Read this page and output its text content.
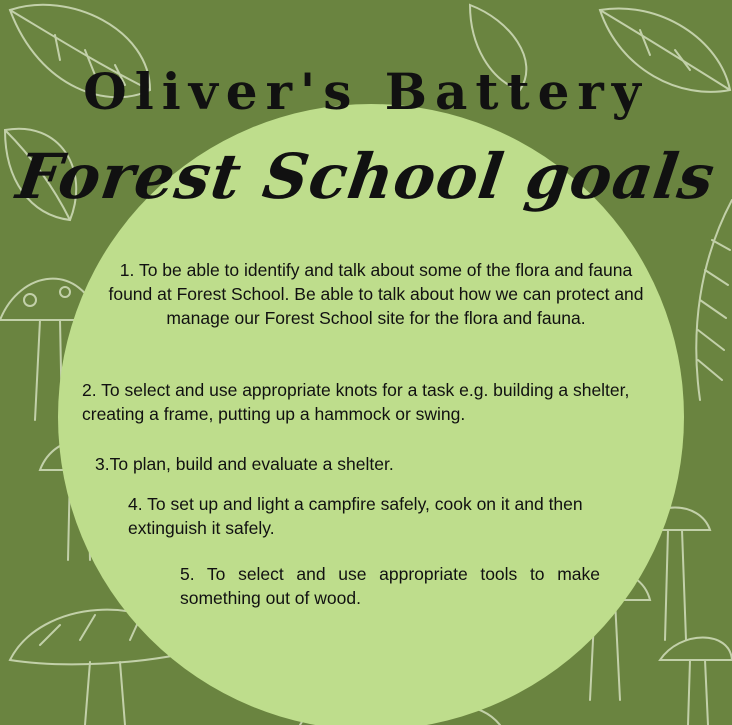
Oliver's Battery
Forest School goals

1. To be able to identify and talk about some of the flora and fauna found at Forest School. Be able to talk about how we can protect and manage our Forest School site for the flora and fauna.

2. To select and use appropriate knots for a task e.g. building a shelter, creating a frame, putting up a hammock or swing.

3.To plan, build and evaluate a shelter.

4. To set up and light a campfire safely, cook on it and then extinguish it safely.

5. To select and use appropriate tools to make something out of wood.
